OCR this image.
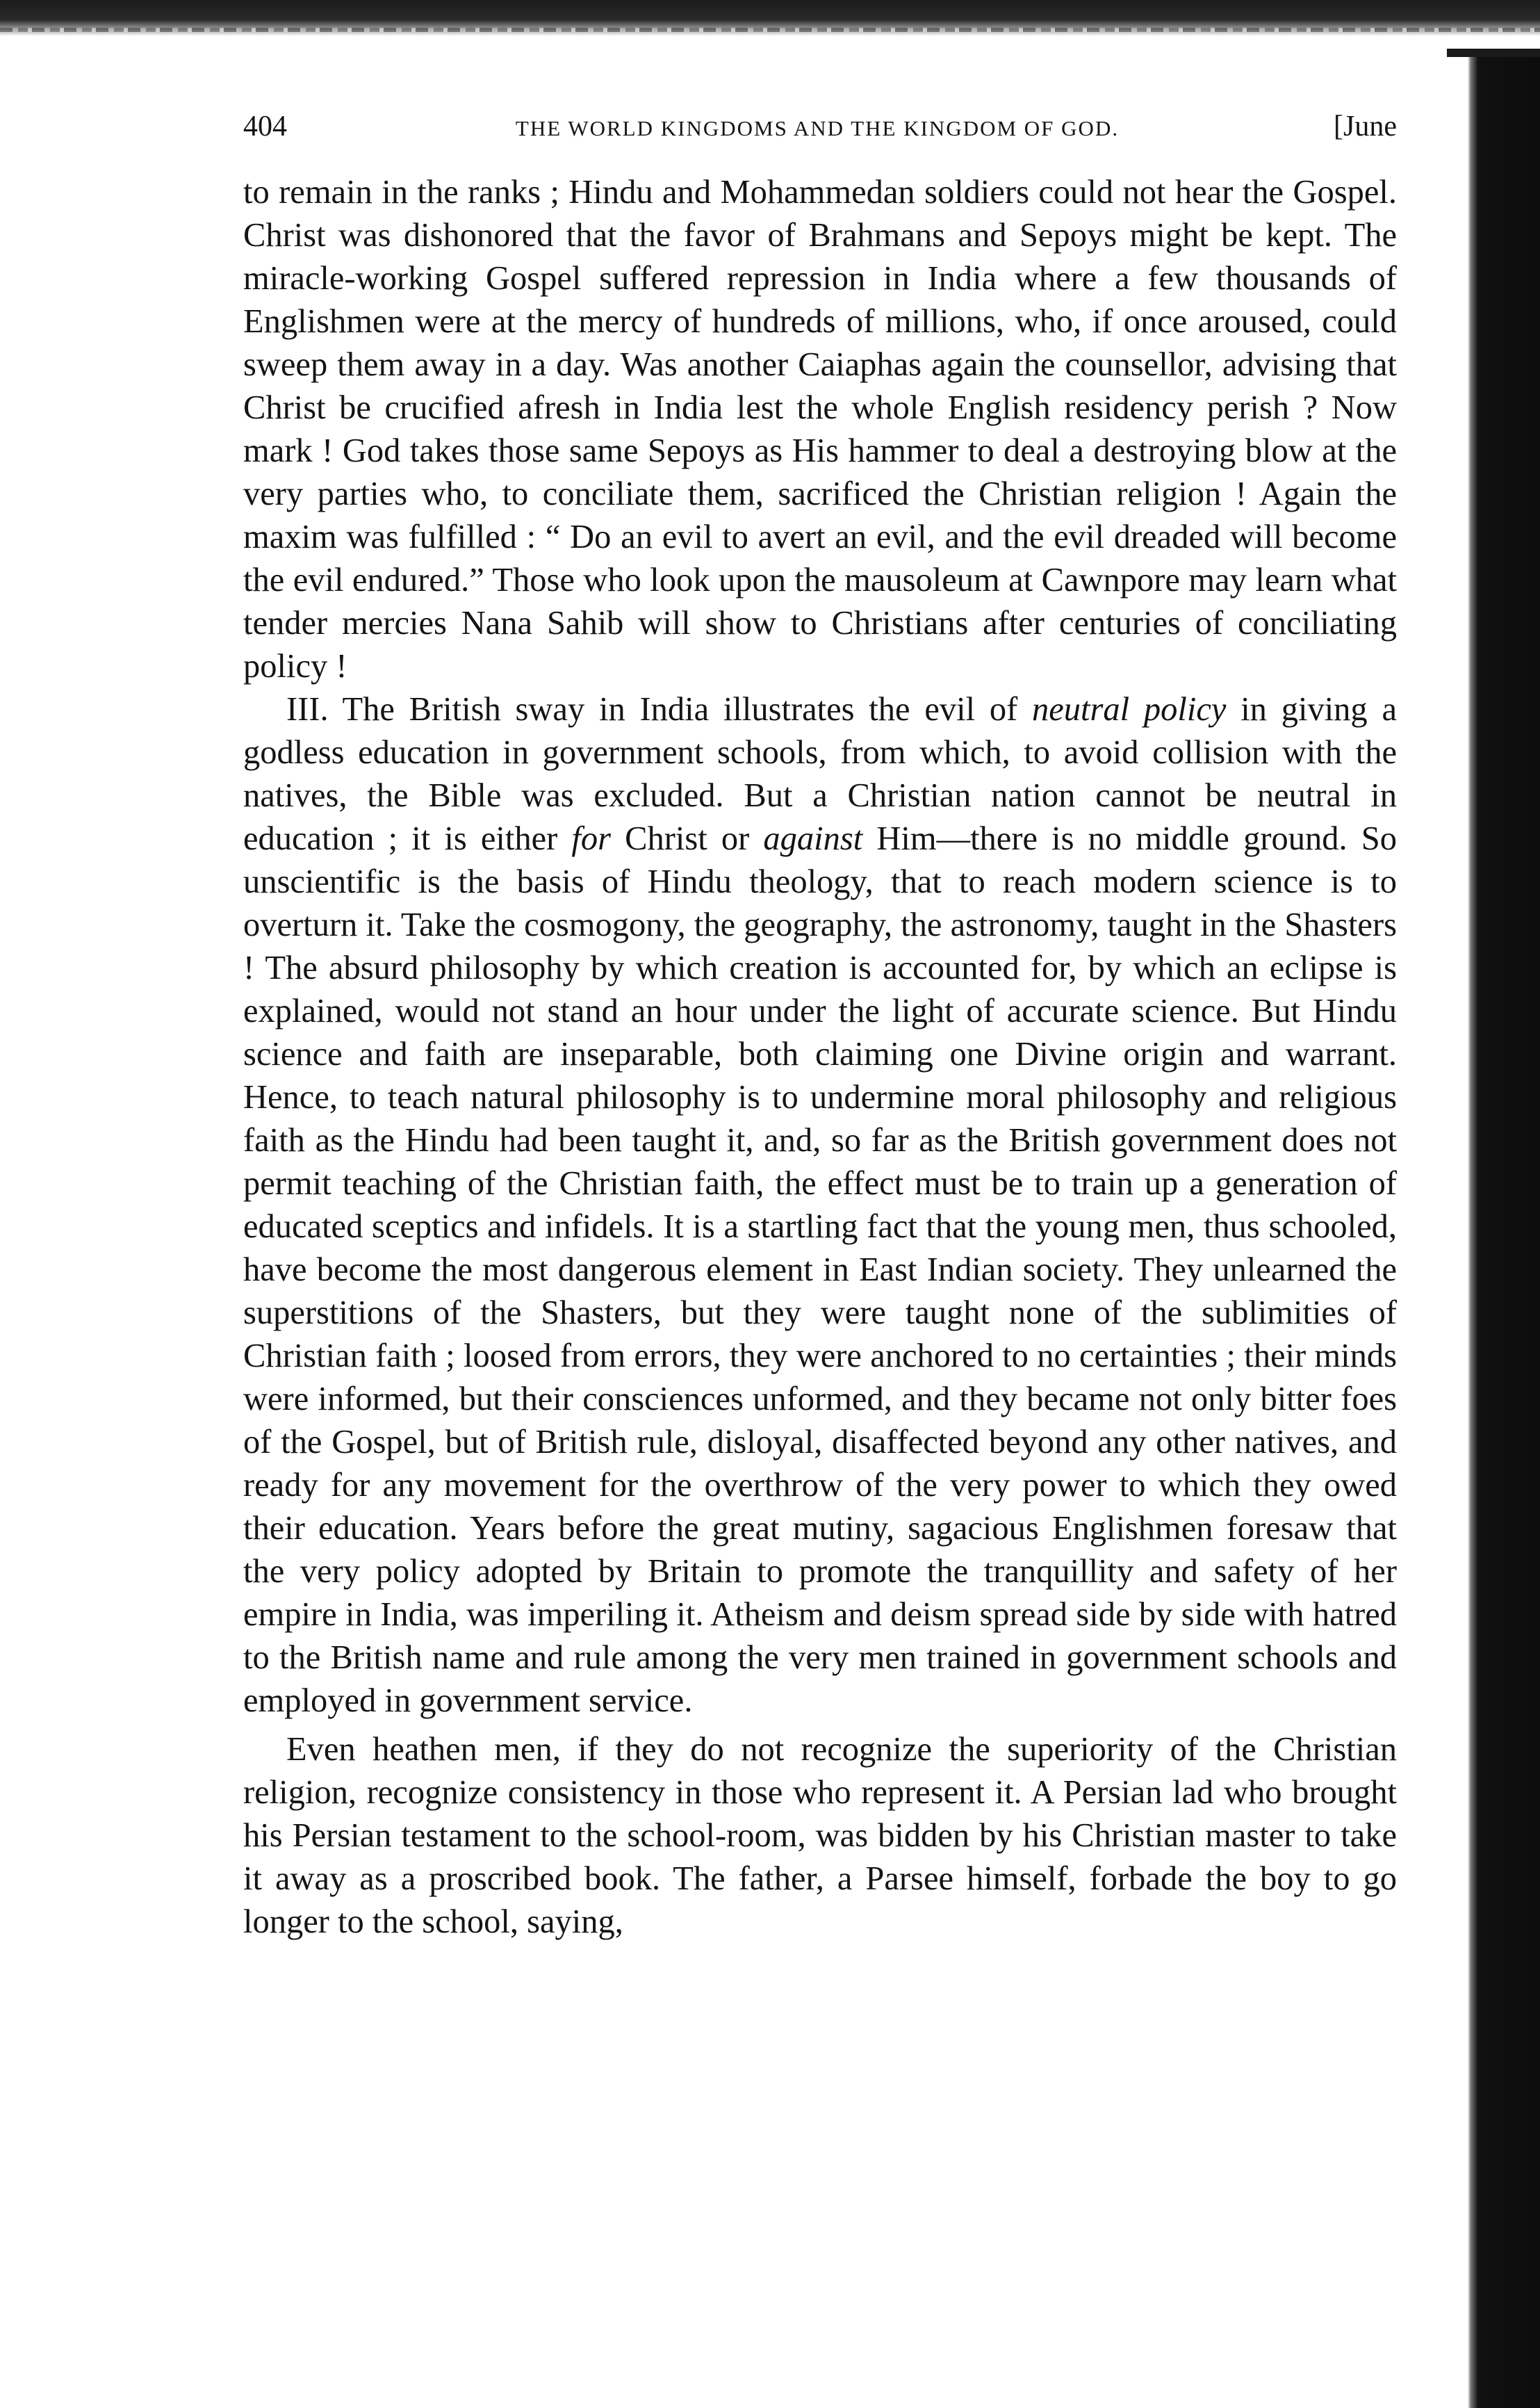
404	THE WORLD KINGDOMS AND THE KINGDOM OF GOD.	[June

to remain in the ranks ; Hindu and Mohammedan soldiers could not hear the Gospel. Christ was dishonored that the favor of Brahmans and Sepoys might be kept. The miracle-working Gospel suffered repression in India where a few thousands of Englishmen were at the mercy of hundreds of millions, who, if once aroused, could sweep them away in a day. Was another Caiaphas again the counsellor, advising that Christ be crucified afresh in India lest the whole English residency perish ? Now mark ! God takes those same Sepoys as His hammer to deal a destroying blow at the very parties who, to conciliate them, sacrificed the Christian religion ! Again the maxim was fulfilled : “ Do an evil to avert an evil, and the evil dreaded will become the evil endured.” Those who look upon the mausoleum at Cawnpore may learn what tender mercies Nana Sahib will show to Christians after centuries of conciliating policy !

III. The British sway in India illustrates the evil of neutral policy in giving a godless education in government schools, from which, to avoid collision with the natives, the Bible was excluded. But a Christian nation cannot be neutral in education ; it is either for Christ or against Him—there is no middle ground. So unscientific is the basis of Hindu theology, that to reach modern science is to overturn it. Take the cosmogony, the geography, the astronomy, taught in the Shasters ! The absurd philosophy by which creation is accounted for, by which an eclipse is explained, would not stand an hour under the light of accurate science. But Hindu science and faith are inseparable, both claiming one Divine origin and warrant. Hence, to teach natural philosophy is to undermine moral philosophy and religious faith as the Hindu had been taught it, and, so far as the British government does not permit teaching of the Christian faith, the effect must be to train up a generation of educated sceptics and infidels. It is a startling fact that the young men, thus schooled, have become the most dangerous element in East Indian society. They unlearned the superstitions of the Shasters, but they were taught none of the sublimities of Christian faith ; loosed from errors, they were anchored to no certainties ; their minds were informed, but their consciences unformed, and they became not only bitter foes of the Gospel, but of British rule, disloyal, disaffected beyond any other natives, and ready for any movement for the overthrow of the very power to which they owed their education. Years before the great mutiny, sagacious Englishmen foresaw that the very policy adopted by Britain to promote the tranquillity and safety of her empire in India, was imperiling it. Atheism and deism spread side by side with hatred to the British name and rule among the very men trained in government schools and employed in government service.

Even heathen men, if they do not recognize the superiority of the Christian religion, recognize consistency in those who represent it. A Persian lad who brought his Persian testament to the school-room, was bidden by his Christian master to take it away as a proscribed book. The father, a Parsee himself, forbade the boy to go longer to the school, saying,
